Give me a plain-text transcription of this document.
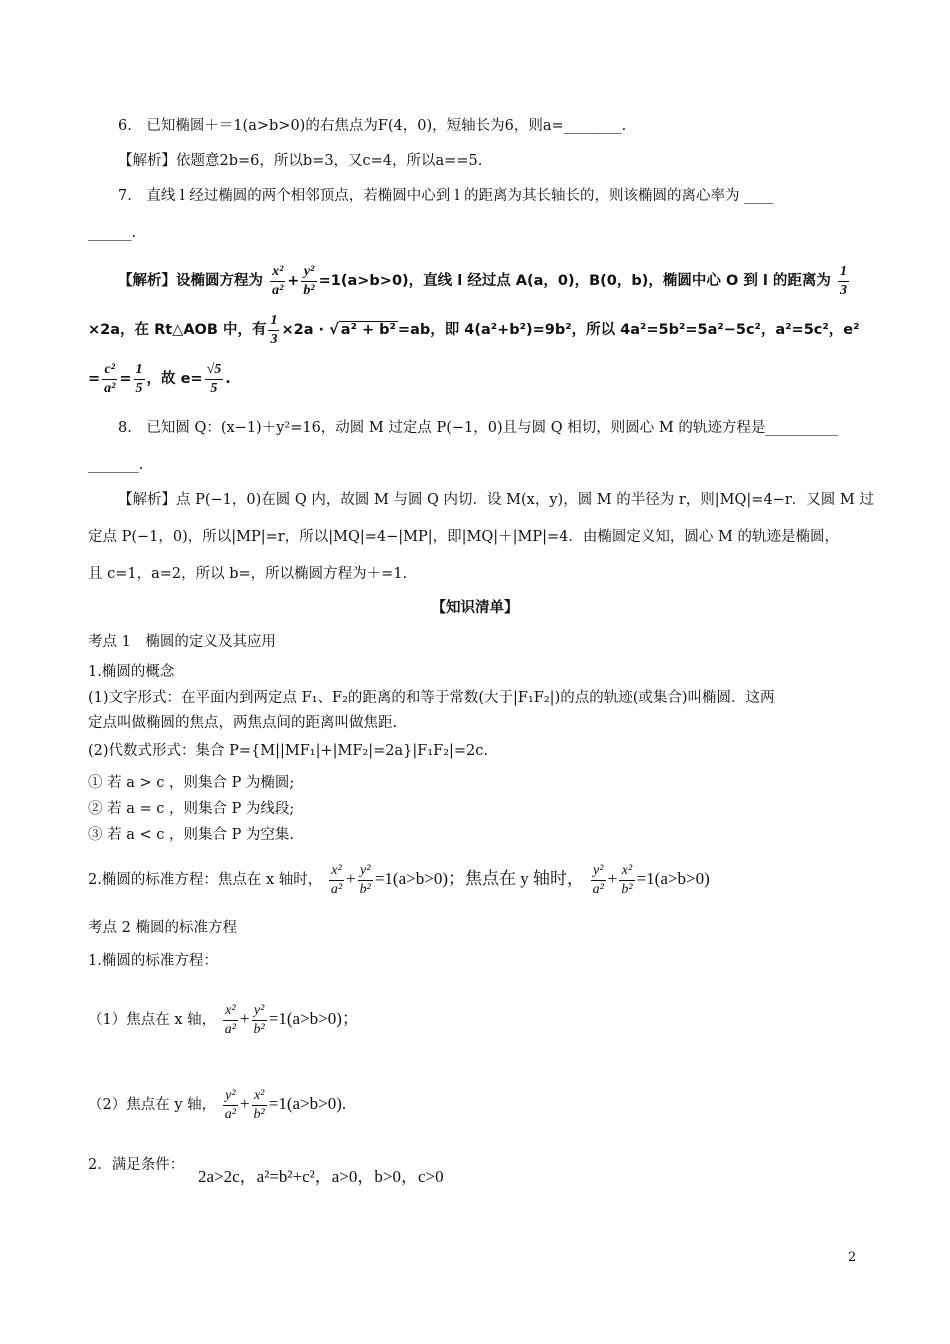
6.　已知椭圆＋＝1(a>b>0)的右焦点为F(4，0)，短轴长为6，则a=________.
【解析】依题意2b=6，所以b=3，又c=4，所以a==5.
7.　直线 l 经过椭圆的两个相邻顶点，若椭圆中心到 l 的距离为其长轴长的，则该椭圆的离心率为 ____
______.
【解析】设椭圆方程为 $\frac{\text{x²}}{\text{a²}} + \frac{\text{y²}}{\text{b²}} =1(a>b>0)$，直线 l 经过点 A(a，0)，B(0，b)，椭圆中心 O 到 l 的距离为 $\frac{1}{3}$
×2a，在 Rt△AOB 中，有 $\frac{1}{3} \times 2a$ · √ a² + b² =ab，即 4(a²+b²)=9b²，所以 4a²=5b²=5a²−5c²，a²=5c²，e²
= $\frac{\text{c²}}{\text{a²}} = \frac{1}{5}$ ，故 $e= \frac{√5}{5}$ .
8.　已知圆 Q：(x−1)＋y²=16，动圆 M 过定点 P(−1，0)且与圆 Q 相切，则圆心 M 的轨迹方程是__________
_______.
【解析】点 P(−1，0)在圆 Q 内，故圆 M 与圆 Q 内切．设 M(x，y)，圆 M 的半径为 r，则|MQ|=4−r．又圆 M 过
定点 P(−1，0)，所以|MP|=r，所以|MQ|=4−|MP|，即|MQ|＋|MP|=4．由椭圆定义知，圆心 M 的轨迹是椭圆，
且 c=1，a=2，所以 b=，所以椭圆方程为＋=1.
【知识清单】
考点 1　椭圆的定义及其应用
1.椭圆的概念
(1)文字形式：在平面内到两定点 F₁、F₂的距离的和等于常数(大于|F₁F₂|)的点的轨迹(或集合)叫椭圆．这两
定点叫做椭圆的焦点，两焦点间的距离叫做焦距.
(2)代数式形式：集合 P={M||MF₁|+|MF₂|=2a}|F₁F₂|=2c.
① 若 a > c ，则集合 P 为椭圆;
② 若 a = c ，则集合 P 为线段;
③ 若 a < c ，则集合 P 为空集.
2.椭圆的标准方程：焦点在 x 轴时， $\frac{\text{x²}}{\text{a²}} + \frac{\text{y²}}{\text{b²}} =1(a>b>0)$；焦点在 y 轴时， $\frac{\text{y²}}{\text{a²}} + \frac{\text{x²}}{\text{b²}} =1(a>b>0)$
考点 2 椭圆的标准方程
1.椭圆的标准方程：
（1）焦点在 x 轴， $\frac{\text{x²}}{\text{a²}} + \frac{\text{y²}}{\text{b²}} =1(a>b>0)$；
（2）焦点在 y 轴， $\frac{\text{y²}}{\text{a²}} + \frac{\text{x²}}{\text{b²}} =1(a>b>0)$.
2．满足条件：
2a>2c，a²=b²+c²，a>0，b>0，c>0
2
